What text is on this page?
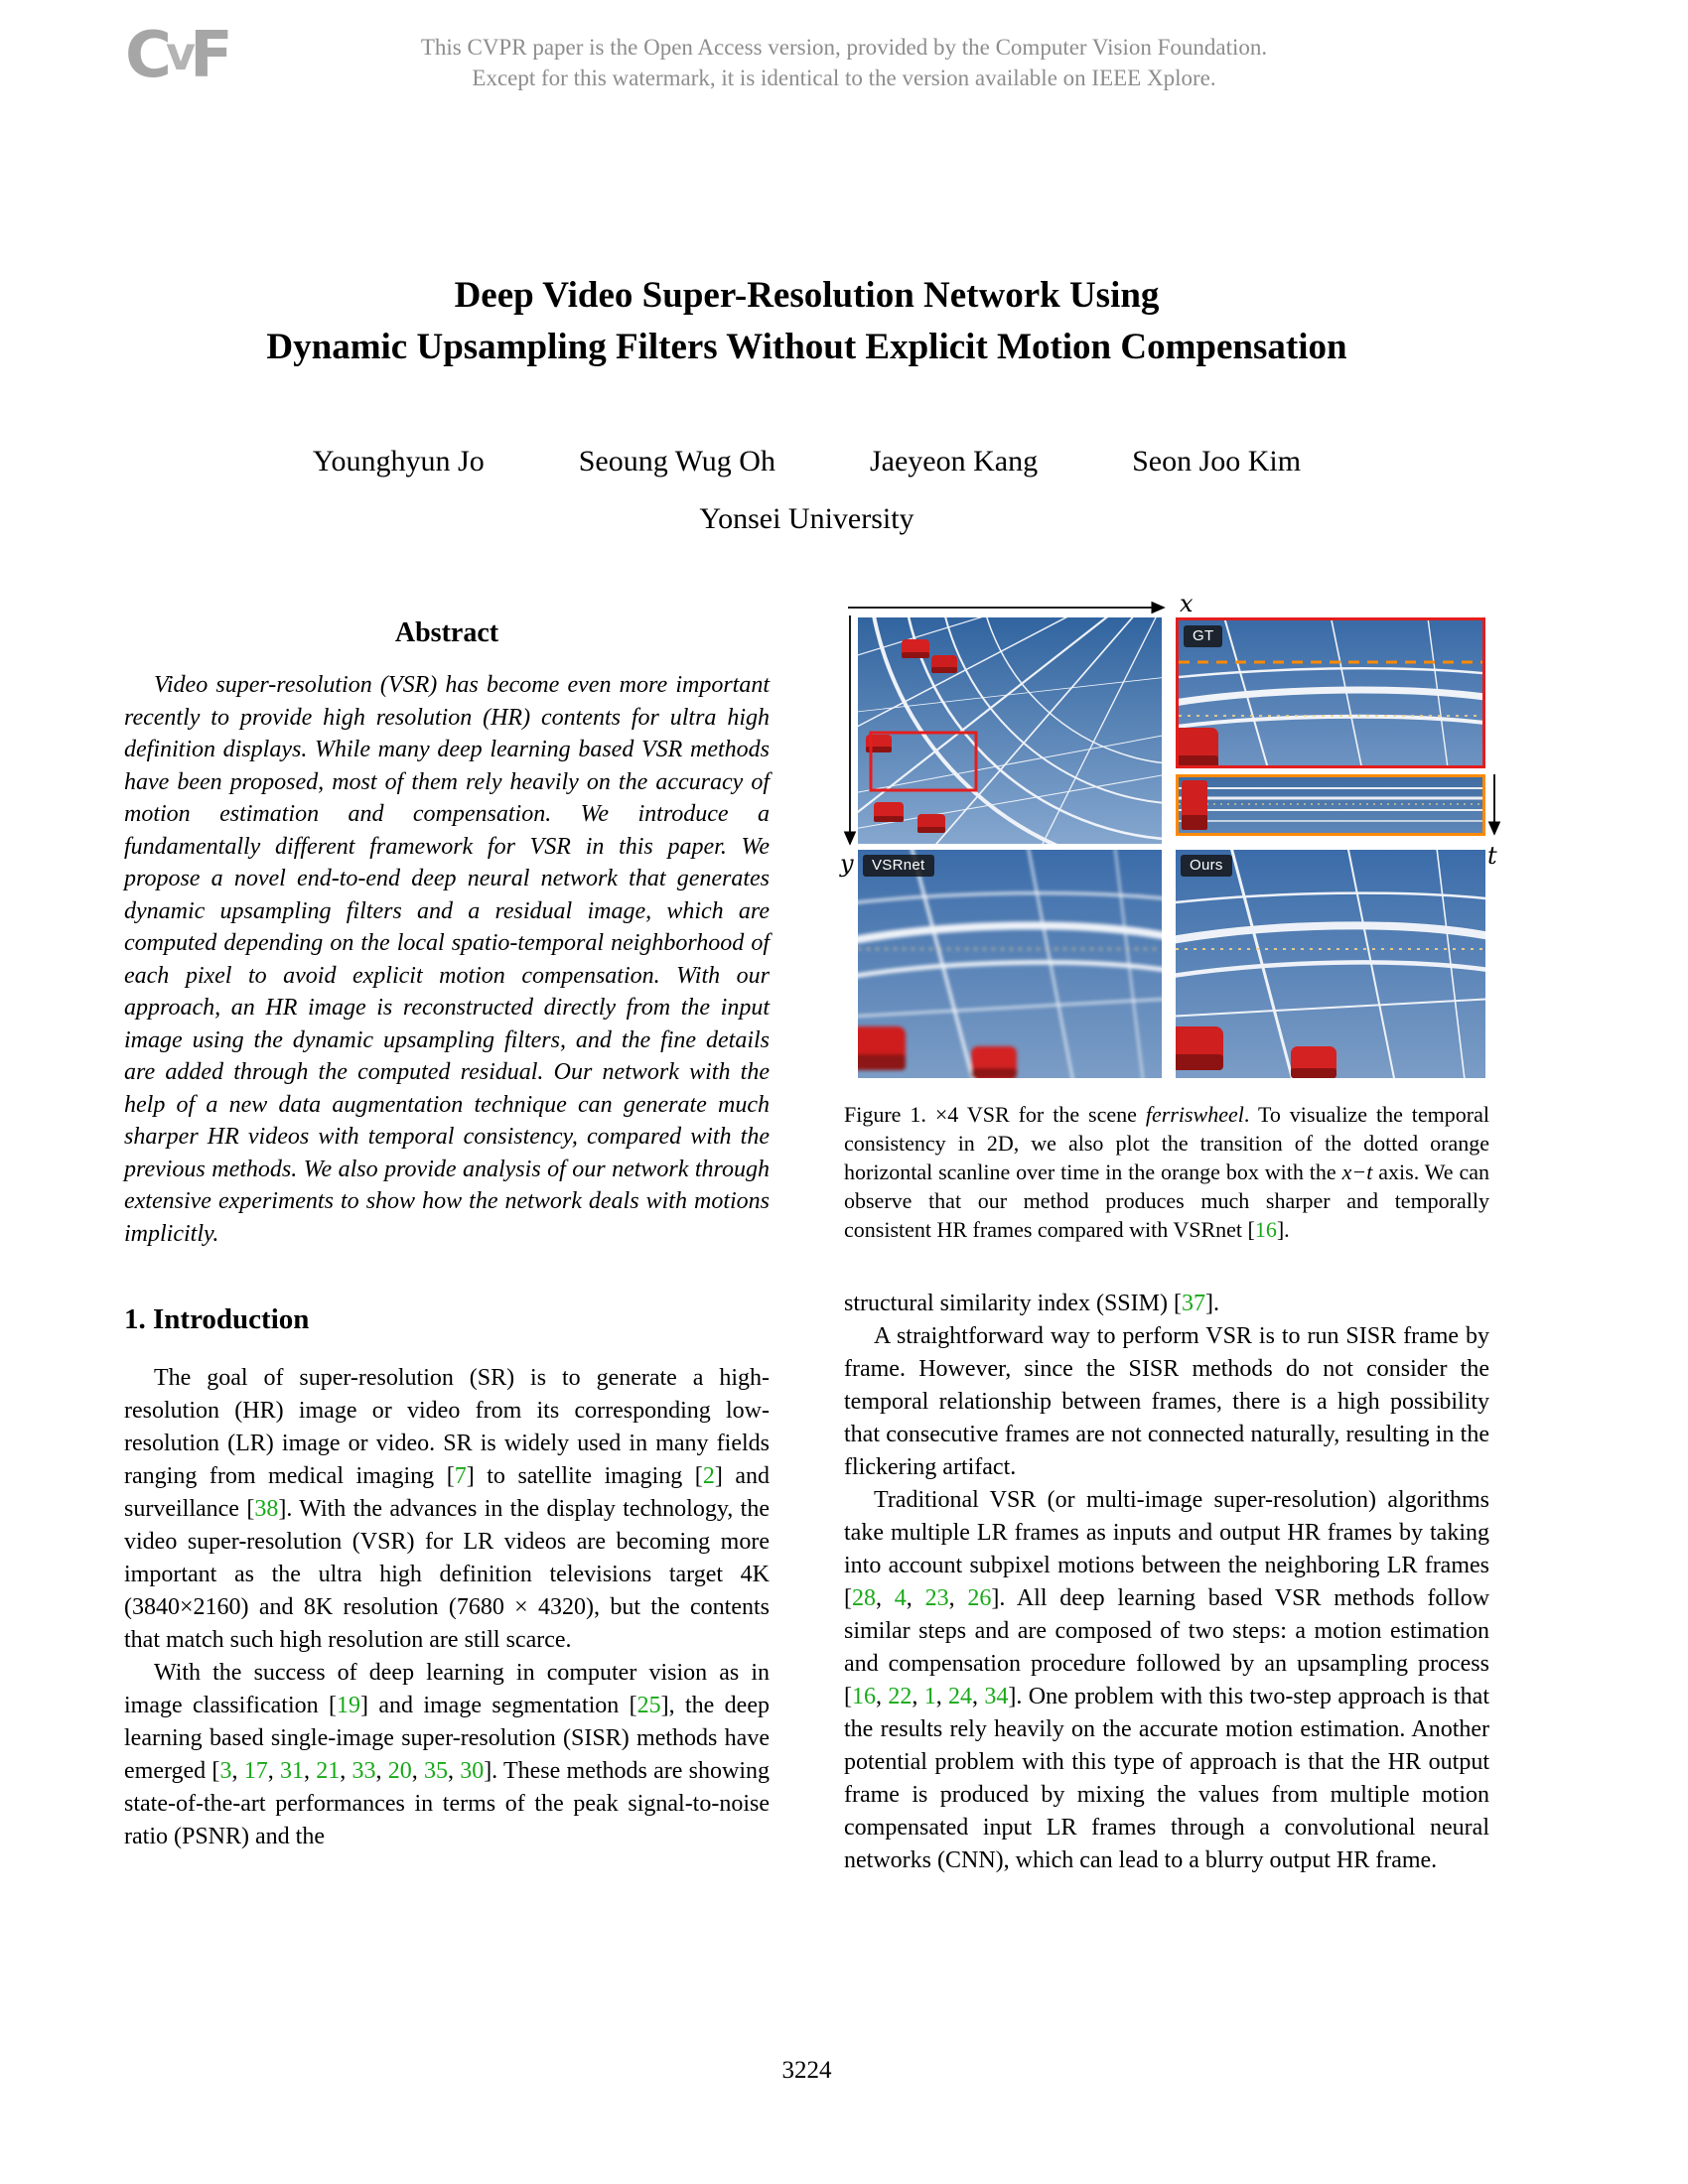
CvF	This CVPR paper is the Open Access version, provided by the Computer Vision Foundation.
Except for this watermark, it is identical to the version available on IEEE Xplore.
Deep Video Super-Resolution Network Using
Dynamic Upsampling Filters Without Explicit Motion Compensation
Younghyun Jo	Seoung Wug Oh	Jaeyeon Kang	Seon Joo Kim
Yonsei University
Abstract

Video super-resolution (VSR) has become even more important recently to provide high resolution (HR) contents for ultra high definition displays. While many deep learning based VSR methods have been proposed, most of them rely heavily on the accuracy of motion estimation and compensation. We introduce a fundamentally different framework for VSR in this paper. We propose a novel end-to-end deep neural network that generates dynamic upsampling filters and a residual image, which are computed depending on the local spatio-temporal neighborhood of each pixel to avoid explicit motion compensation. With our approach, an HR image is reconstructed directly from the input image using the dynamic upsampling filters, and the fine details are added through the computed residual. Our network with the help of a new data augmentation technique can generate much sharper HR videos with temporal consistency, compared with the previous methods. We also provide analysis of our network through extensive experiments to show how the network deals with motions implicitly.

1. Introduction

The goal of super-resolution (SR) is to generate a high-resolution (HR) image or video from its corresponding low-resolution (LR) image or video. SR is widely used in many fields ranging from medical imaging [7] to satellite imaging [2] and surveillance [38]. With the advances in the display technology, the video super-resolution (VSR) for LR videos are becoming more important as the ultra high definition televisions target 4K (3840×2160) and 8K resolution (7680 × 4320), but the contents that match such high resolution are still scarce.

With the success of deep learning in computer vision as in image classification [19] and image segmentation [25], the deep learning based single-image super-resolution (SISR) methods have emerged [3, 17, 31, 21, 33, 20, 35, 30]. These methods are showing state-of-the-art performances in terms of the peak signal-to-noise ratio (PSNR) and the

x
y	t
GT
VSRnet	Ours

Figure 1. ×4 VSR for the scene ferriswheel. To visualize the temporal consistency in 2D, we also plot the transition of the dotted orange horizontal scanline over time in the orange box with the x−t axis. We can observe that our method produces much sharper and temporally consistent HR frames compared with VSRnet [16].

structural similarity index (SSIM) [37].

A straightforward way to perform VSR is to run SISR frame by frame. However, since the SISR methods do not consider the temporal relationship between frames, there is a high possibility that consecutive frames are not connected naturally, resulting in the flickering artifact.

Traditional VSR (or multi-image super-resolution) algorithms take multiple LR frames as inputs and output HR frames by taking into account subpixel motions between the neighboring LR frames [28, 4, 23, 26]. All deep learning based VSR methods follow similar steps and are composed of two steps: a motion estimation and compensation procedure followed by an upsampling process [16, 22, 1, 24, 34]. One problem with this two-step approach is that the results rely heavily on the accurate motion estimation. Another potential problem with this type of approach is that the HR output frame is produced by mixing the values from multiple motion compensated input LR frames through a convolutional neural networks (CNN), which can lead to a blurry output HR frame.

3224
